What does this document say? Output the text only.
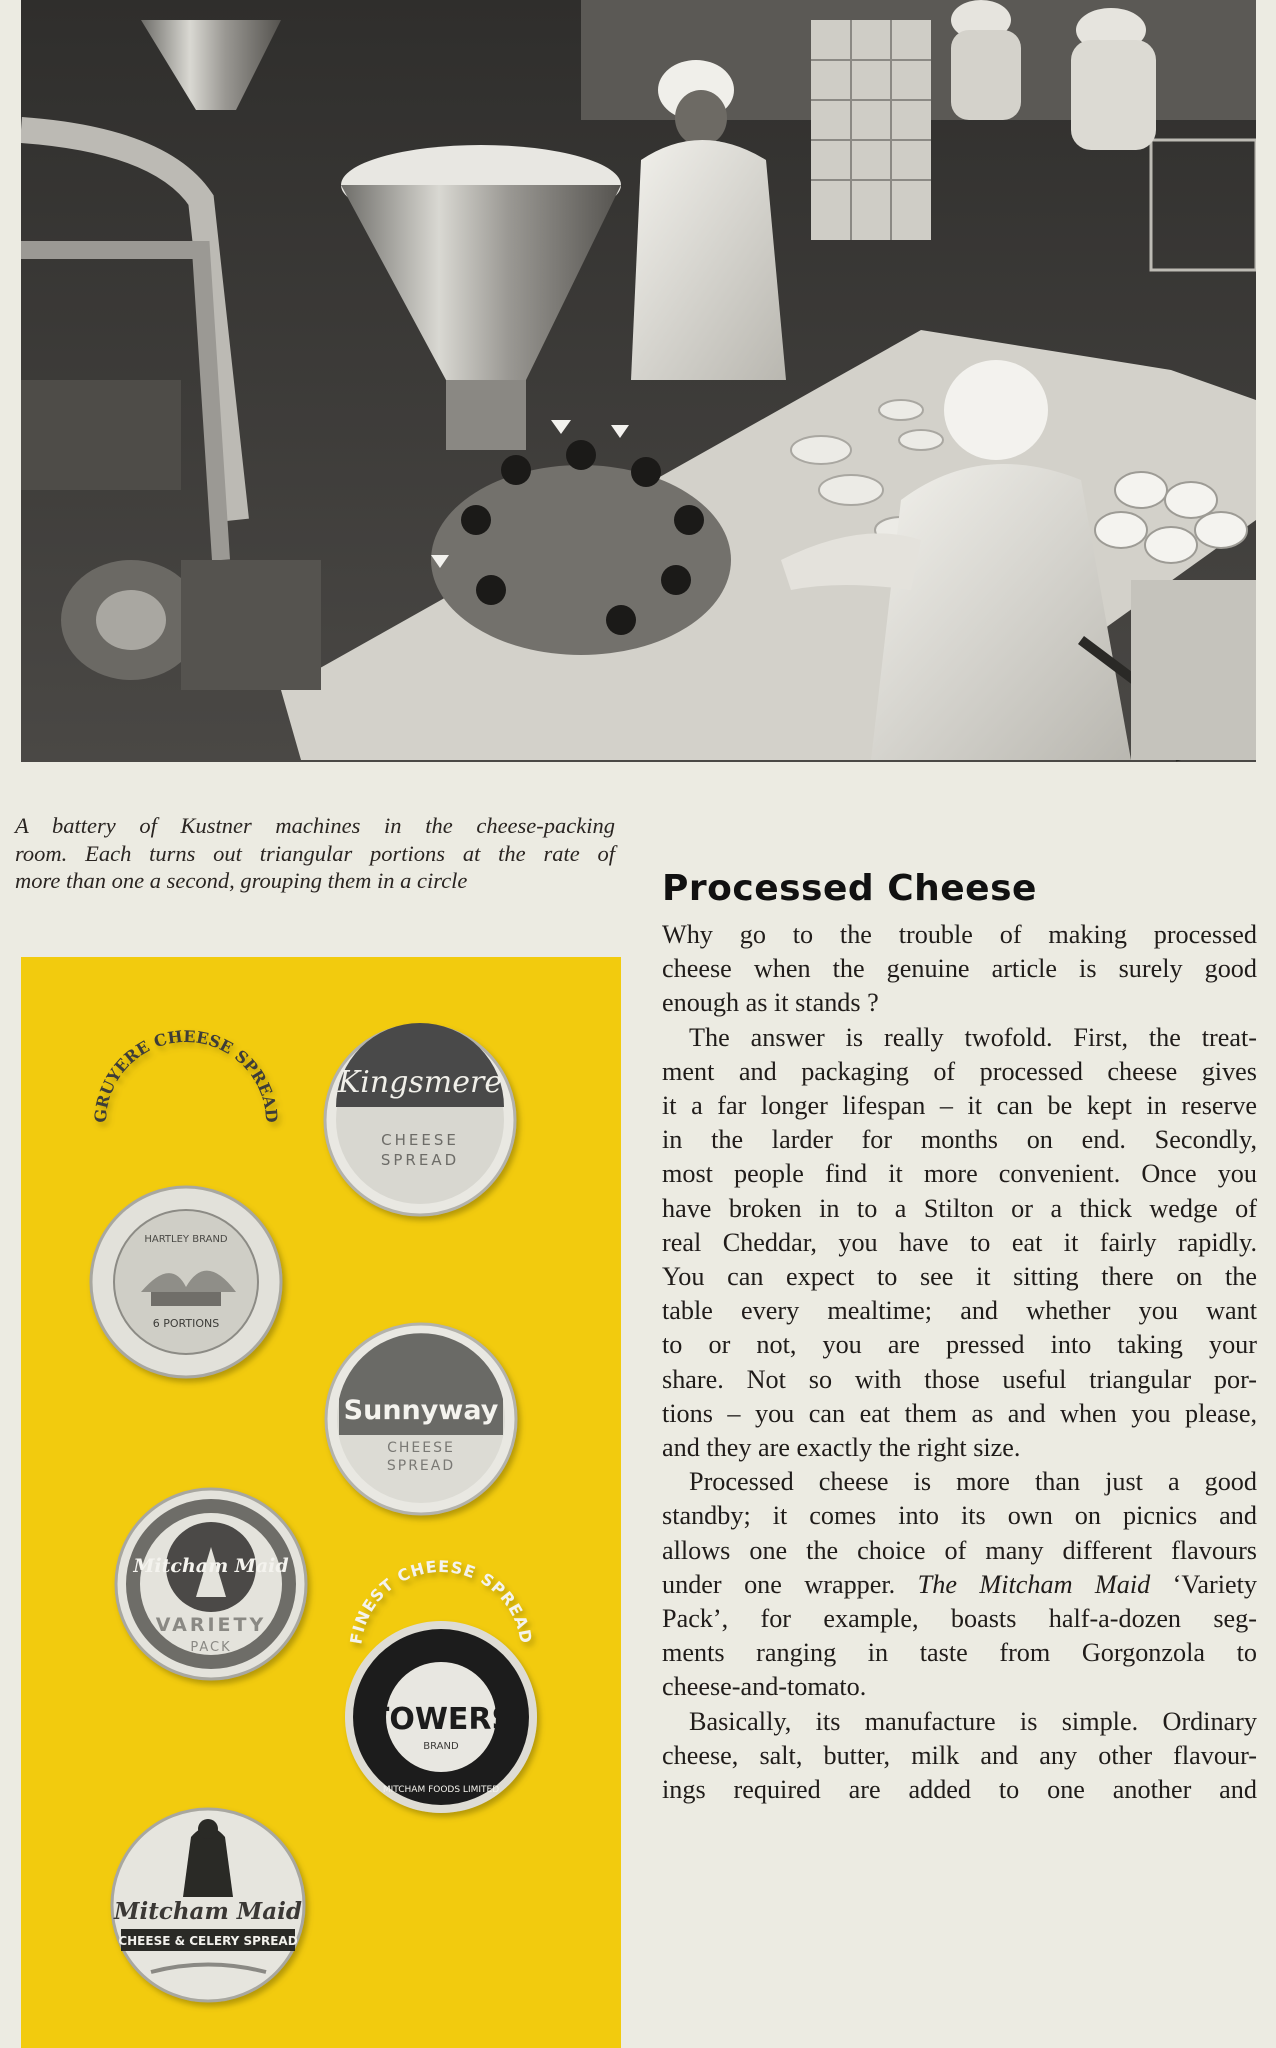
A battery of Kustner machines in the cheese-packing
room. Each turns out triangular portions at the rate of
more than one a second, grouping them in a circle
Kingsmere
CHEESE
SPREAD
GRUYERE CHEESE SPREAD
HARTLEY BRAND
6 PORTIONS
Sunnyway
CHEESE
SPREAD
Mitcham Maid
VARIETY
PACK
FINEST CHEESE SPREAD
TOWERS
BRAND
MITCHAM FOODS LIMITED
Mitcham Maid
CHEESE & CELERY SPREAD
Processed Cheese

Why go to the trouble of making processed
cheese when the genuine article is surely good
enough as it stands ?

The answer is really twofold. First, the treat-
ment and packaging of processed cheese gives
it a far longer lifespan – it can be kept in reserve
in the larder for months on end. Secondly,
most people find it more convenient. Once you
have broken in to a Stilton or a thick wedge of
real Cheddar, you have to eat it fairly rapidly.
You can expect to see it sitting there on the
table every mealtime; and whether you want
to or not, you are pressed into taking your
share. Not so with those useful triangular por-
tions – you can eat them as and when you please,
and they are exactly the right size.

Processed cheese is more than just a good
standby; it comes into its own on picnics and
allows one the choice of many different flavours
under one wrapper. The Mitcham Maid ‘Variety
Pack’, for example, boasts half-a-dozen seg-
ments ranging in taste from Gorgonzola to
cheese-and-tomato.

Basically, its manufacture is simple. Ordinary
cheese, salt, butter, milk and any other flavour-
ings required are added to one another and
